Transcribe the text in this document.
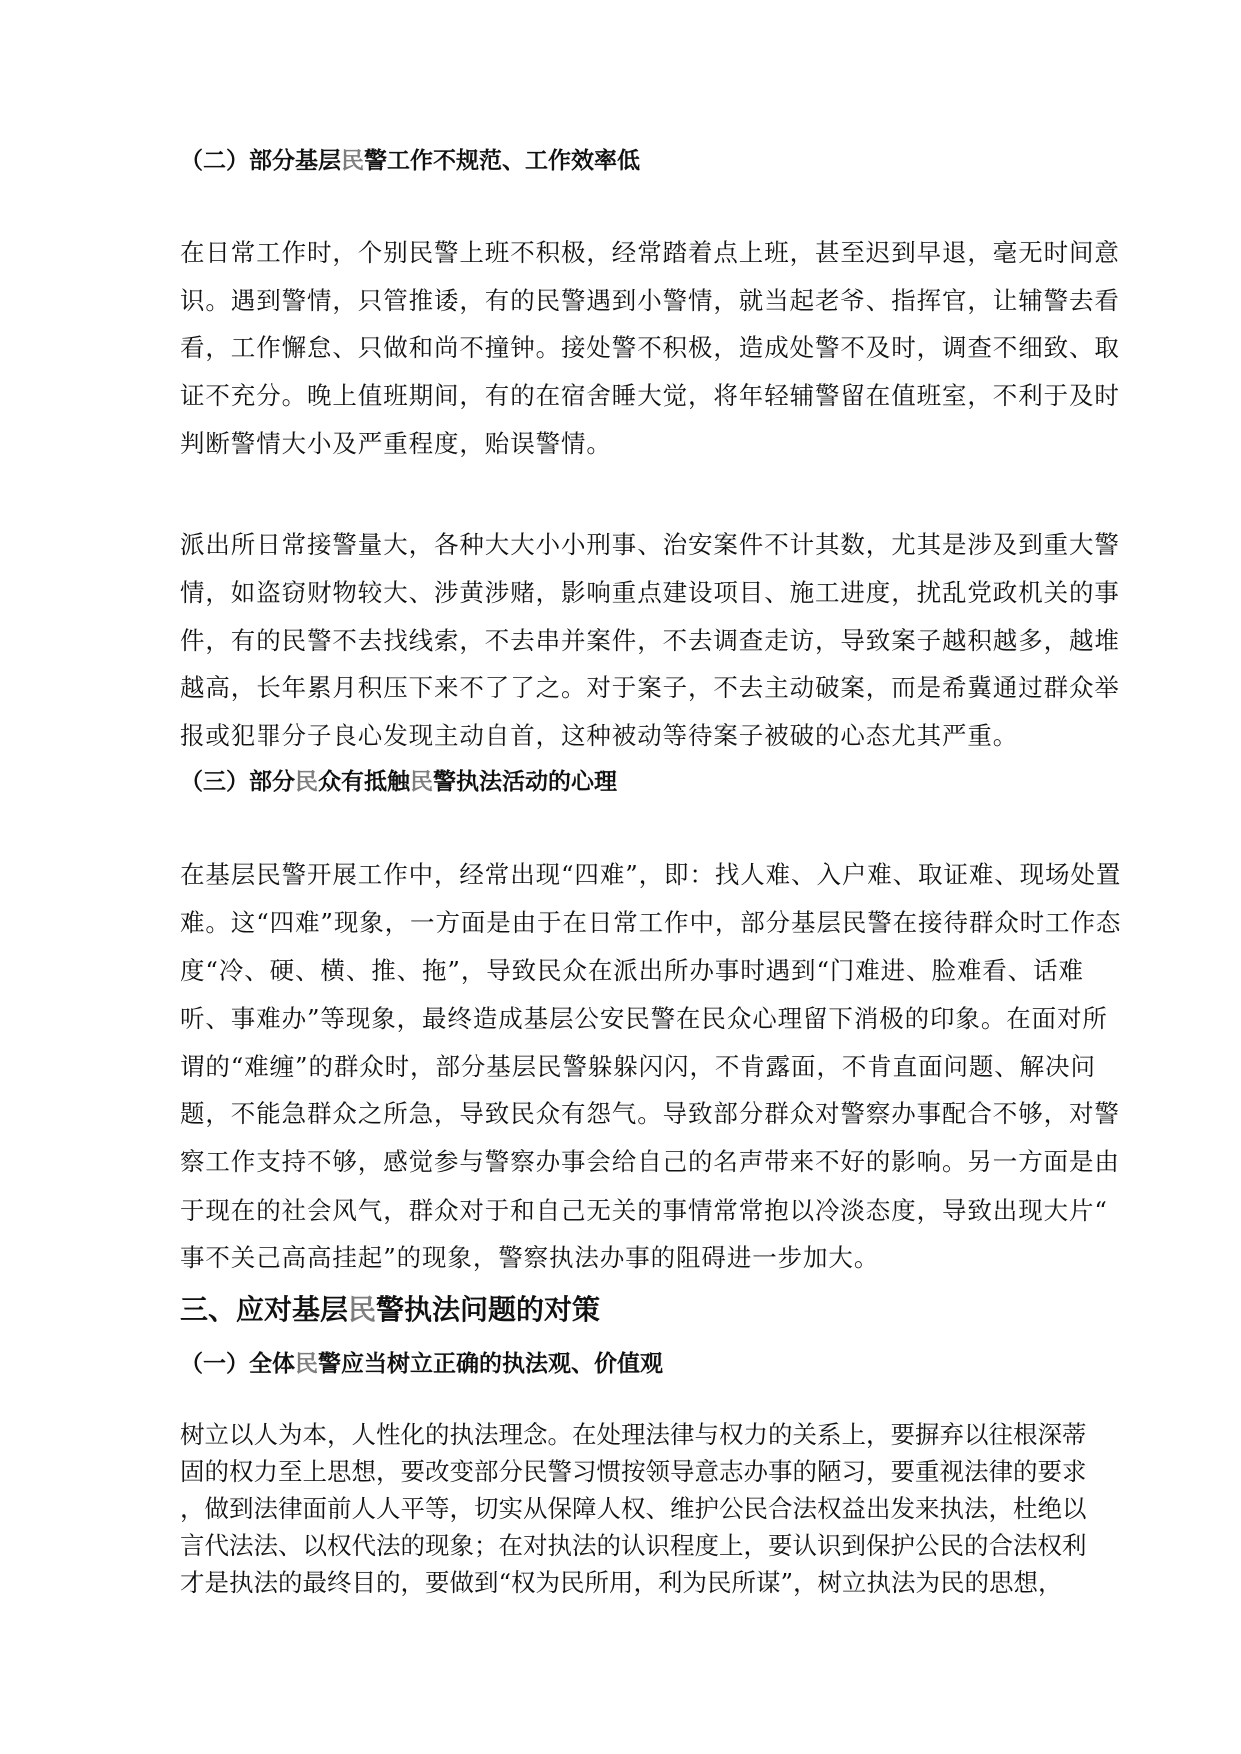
（二）部分基层民警工作不规范、工作效率低
在日常工作时，个别民警上班不积极，经常踏着点上班，甚至迟到早退，毫无时间意
识。遇到警情，只管推诿，有的民警遇到小警情，就当起老爷、指挥官，让辅警去看
看，工作懈怠、只做和尚不撞钟。接处警不积极，造成处警不及时，调查不细致、取
证不充分。晚上值班期间，有的在宿舍睡大觉，将年轻辅警留在值班室，不利于及时
判断警情大小及严重程度，贻误警情。
派出所日常接警量大，各种大大小小刑事、治安案件不计其数，尤其是涉及到重大警
情，如盗窃财物较大、涉黄涉赌，影响重点建设项目、施工进度，扰乱党政机关的事
件，有的民警不去找线索，不去串并案件，不去调查走访，导致案子越积越多，越堆
越高，长年累月积压下来不了了之。对于案子，不去主动破案，而是希冀通过群众举
报或犯罪分子良心发现主动自首，这种被动等待案子被破的心态尤其严重。
（三）部分民众有抵触民警执法活动的心理
在基层民警开展工作中，经常出现“四难”，即：找人难、入户难、取证难、现场处置
难。这“四难”现象，一方面是由于在日常工作中，部分基层民警在接待群众时工作态
度“冷、硬、横、推、拖”，导致民众在派出所办事时遇到“门难进、脸难看、话难
听、事难办”等现象，最终造成基层公安民警在民众心理留下消极的印象。在面对所
谓的“难缠”的群众时，部分基层民警躲躲闪闪，不肯露面，不肯直面问题、解决问
题，不能急群众之所急，导致民众有怨气。导致部分群众对警察办事配合不够，对警
察工作支持不够，感觉参与警察办事会给自己的名声带来不好的影响。另一方面是由
于现在的社会风气，群众对于和自己无关的事情常常抱以冷淡态度，导致出现大片“
事不关己高高挂起”的现象，警察执法办事的阻碍进一步加大。
三、应对基层民警执法问题的对策
（一）全体民警应当树立正确的执法观、价值观
树立以人为本，人性化的执法理念。在处理法律与权力的关系上，要摒弃以往根深蒂
固的权力至上思想，要改变部分民警习惯按领导意志办事的陋习，要重视法律的要求
，做到法律面前人人平等，切实从保障人权、维护公民合法权益出发来执法，杜绝以
言代法法、以权代法的现象；在对执法的认识程度上，要认识到保护公民的合法权利
才是执法的最终目的，要做到“权为民所用，利为民所谋”，树立执法为民的思想，
